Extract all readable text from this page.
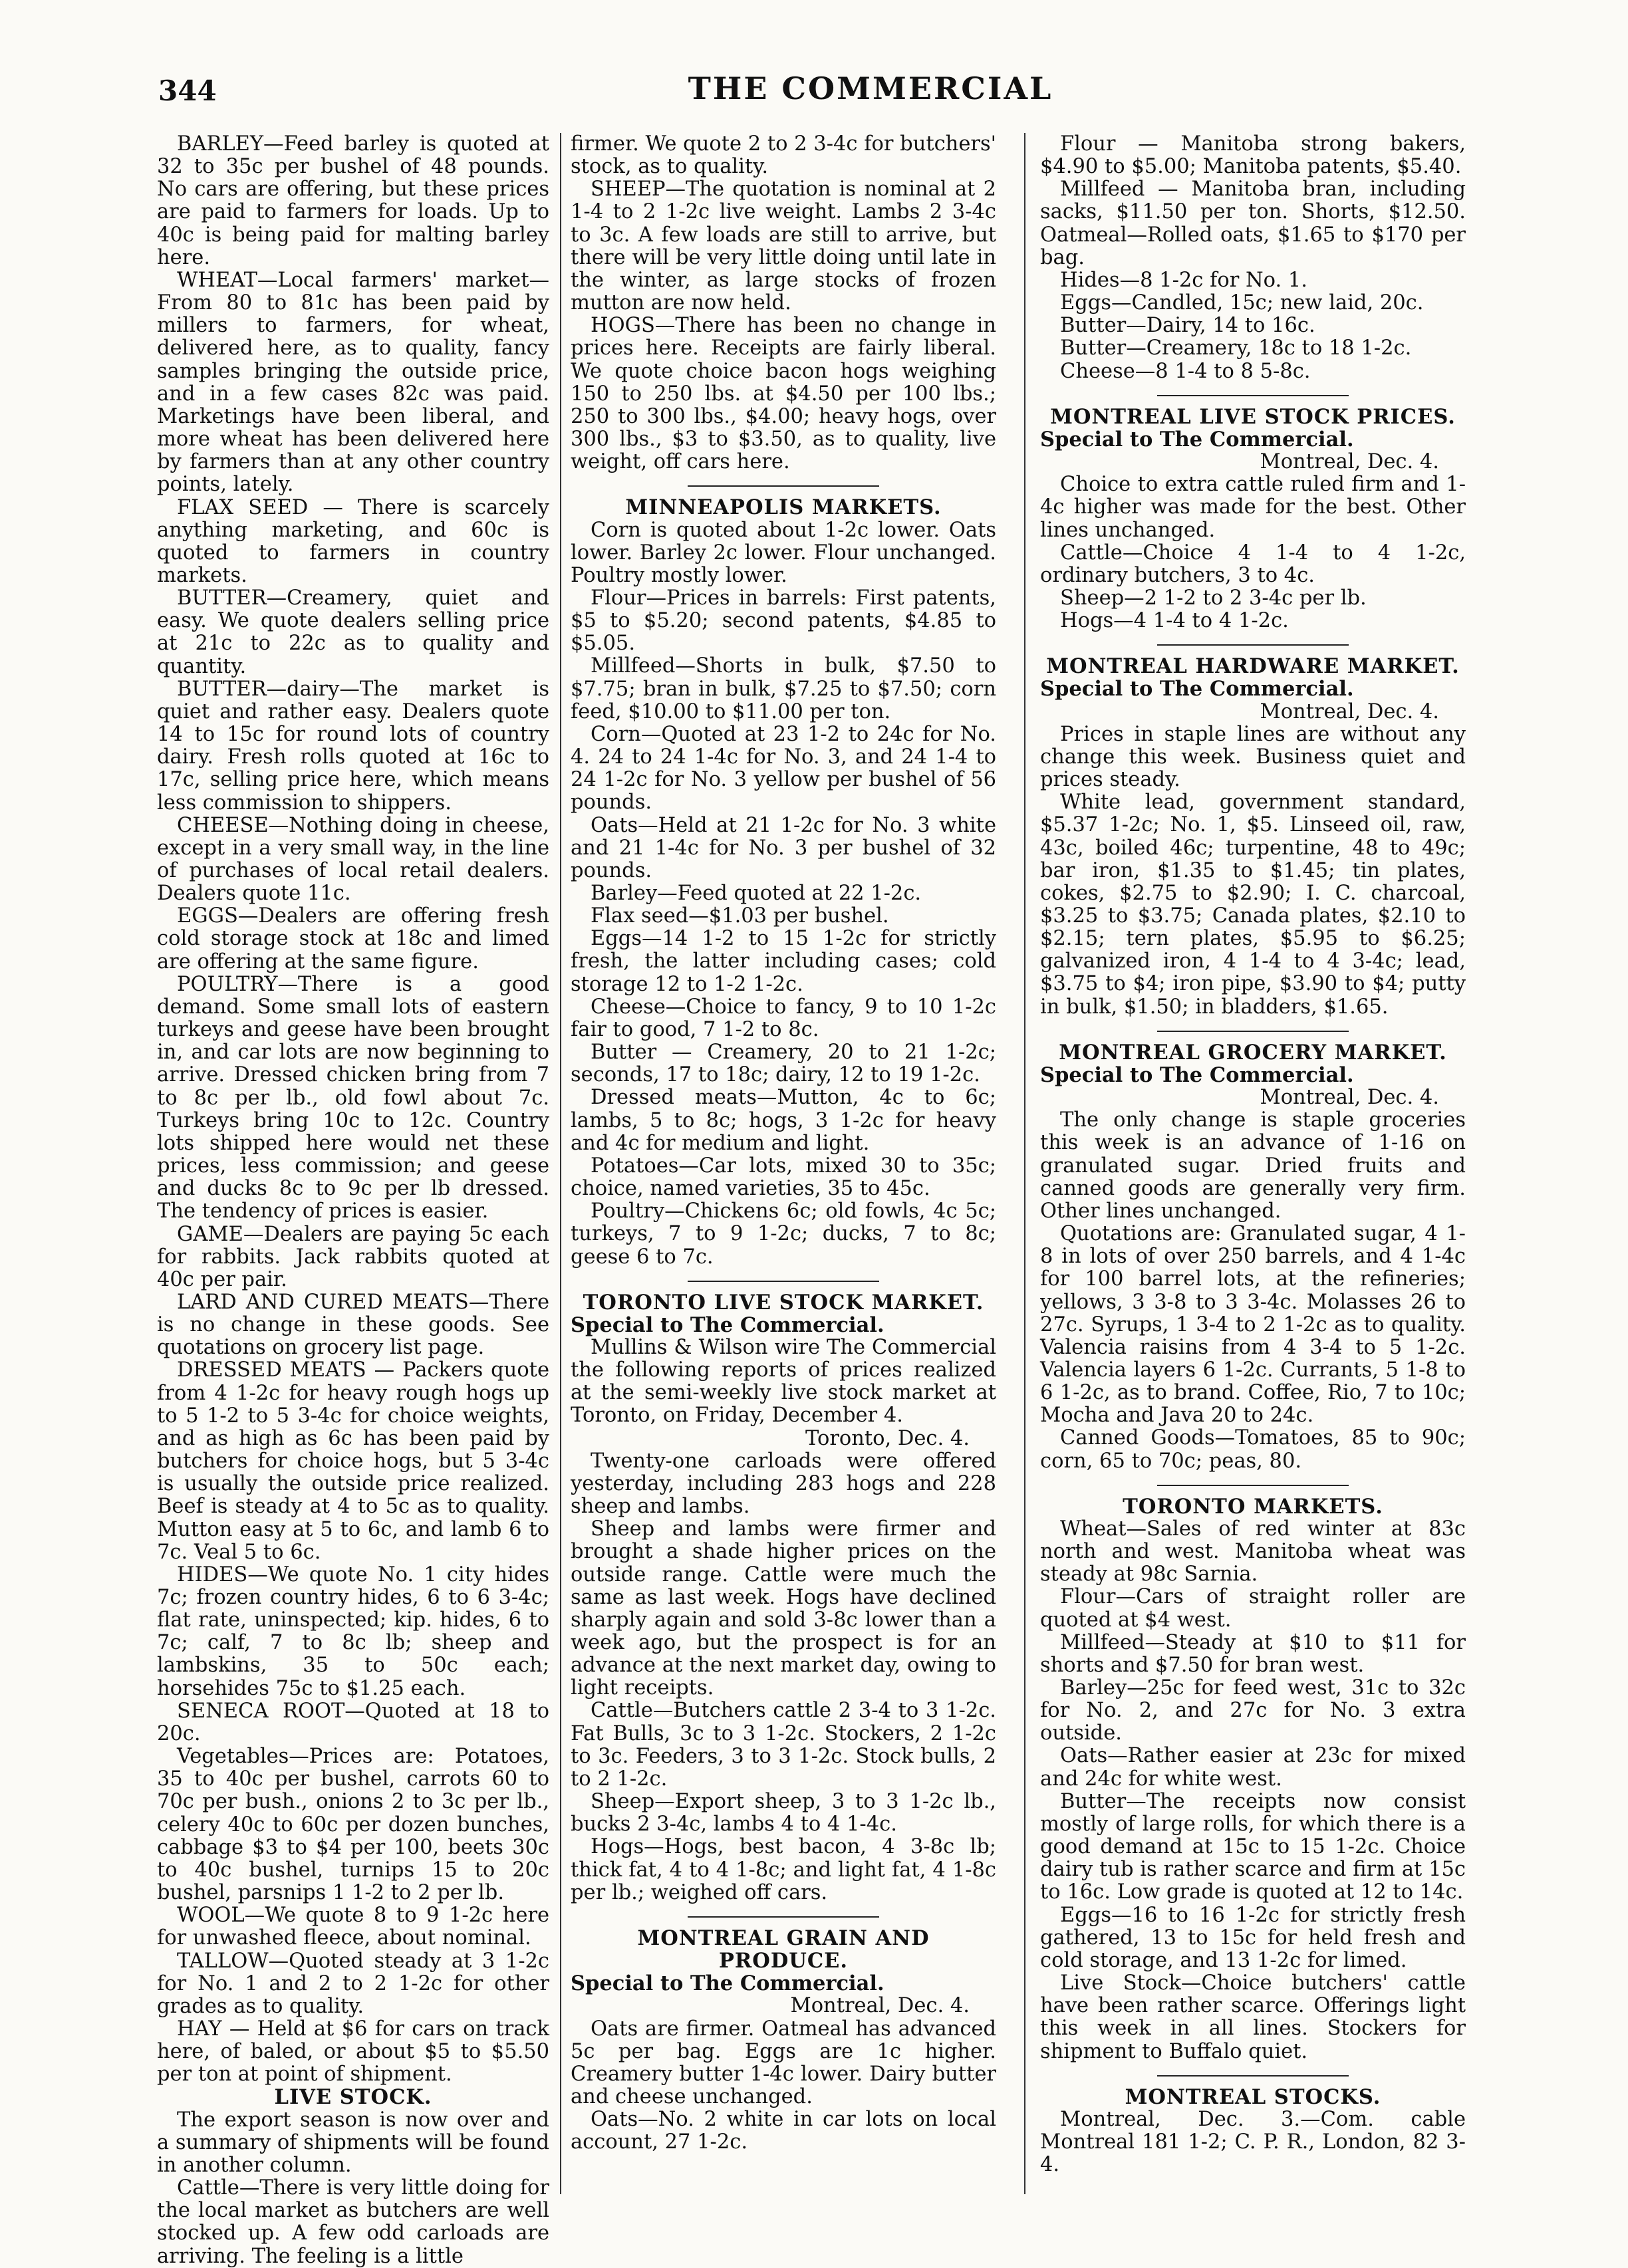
344	THE COMMERCIAL

BARLEY—Feed barley is quoted at 32 to 35c per bushel of 48 pounds. No cars are offering, but these prices are paid to farmers for loads. Up to 40c is being paid for malting barley here.

WHEAT—Local farmers' market—From 80 to 81c has been paid by millers to farmers, for wheat, delivered here, as to quality, fancy samples bringing the outside price, and in a few cases 82c was paid. Marketings have been liberal, and more wheat has been delivered here by farmers than at any other country points, lately.

FLAX SEED — There is scarcely anything marketing, and 60c is quoted to farmers in country markets.

BUTTER—Creamery, quiet and easy. We quote dealers selling price at 21c to 22c as to quality and quantity.

BUTTER—dairy—The market is quiet and rather easy. Dealers quote 14 to 15c for round lots of country dairy. Fresh rolls quoted at 16c to 17c, selling price here, which means less commission to shippers.

CHEESE—Nothing doing in cheese, except in a very small way, in the line of purchases of local retail dealers. Dealers quote 11c.

EGGS—Dealers are offering fresh cold storage stock at 18c and limed are offering at the same figure.

POULTRY—There is a good demand. Some small lots of eastern turkeys and geese have been brought in, and car lots are now beginning to arrive. Dressed chicken bring from 7 to 8c per lb., old fowl about 7c. Turkeys bring 10c to 12c. Country lots shipped here would net these prices, less commission; and geese and ducks 8c to 9c per lb dressed. The tendency of prices is easier.

GAME—Dealers are paying 5c each for rabbits. Jack rabbits quoted at 40c per pair.

LARD AND CURED MEATS—There is no change in these goods. See quotations on grocery list page.

DRESSED MEATS — Packers quote from 4 1-2c for heavy rough hogs up to 5 1-2 to 5 3-4c for choice weights, and as high as 6c has been paid by butchers for choice hogs, but 5 3-4c is usually the outside price realized. Beef is steady at 4 to 5c as to quality. Mutton easy at 5 to 6c, and lamb 6 to 7c. Veal 5 to 6c.

HIDES—We quote No. 1 city hides 7c; frozen country hides, 6 to 6 3-4c; flat rate, uninspected; kip. hides, 6 to 7c; calf, 7 to 8c lb; sheep and lambskins, 35 to 50c each; horsehides 75c to $1.25 each.

SENECA ROOT—Quoted at 18 to 20c.

Vegetables—Prices are: Potatoes, 35 to 40c per bushel, carrots 60 to 70c per bush., onions 2 to 3c per lb., celery 40c to 60c per dozen bunches, cabbage $3 to $4 per 100, beets 30c to 40c bushel, turnips 15 to 20c bushel, parsnips 1 1-2 to 2 per lb.

WOOL—We quote 8 to 9 1-2c here for unwashed fleece, about nominal.

TALLOW—Quoted steady at 3 1-2c for No. 1 and 2 to 2 1-2c for other grades as to quality.

HAY — Held at $6 for cars on track here, of baled, or about $5 to $5.50 per ton at point of shipment.

LIVE STOCK.

The export season is now over and a summary of shipments will be found in another column.

Cattle—There is very little doing for the local market as butchers are well stocked up. A few odd carloads are arriving. The feeling is a little

firmer. We quote 2 to 2 3-4c for butchers' stock, as to quality.

SHEEP—The quotation is nominal at 2 1-4 to 2 1-2c live weight. Lambs 2 3-4c to 3c. A few loads are still to arrive, but there will be very little doing until late in the winter, as large stocks of frozen mutton are now held.

HOGS—There has been no change in prices here. Receipts are fairly liberal. We quote choice bacon hogs weighing 150 to 250 lbs. at $4.50 per 100 lbs.; 250 to 300 lbs., $4.00; heavy hogs, over 300 lbs., $3 to $3.50, as to quality, live weight, off cars here.

MINNEAPOLIS MARKETS.

Corn is quoted about 1-2c lower. Oats lower. Barley 2c lower. Flour unchanged. Poultry mostly lower.

Flour—Prices in barrels: First patents, $5 to $5.20; second patents, $4.85 to $5.05.

Millfeed—Shorts in bulk, $7.50 to $7.75; bran in bulk, $7.25 to $7.50; corn feed, $10.00 to $11.00 per ton.

Corn—Quoted at 23 1-2 to 24c for No. 4. 24 to 24 1-4c for No. 3, and 24 1-4 to 24 1-2c for No. 3 yellow per bushel of 56 pounds.

Oats—Held at 21 1-2c for No. 3 white and 21 1-4c for No. 3 per bushel of 32 pounds.

Barley—Feed quoted at 22 1-2c.

Flax seed—$1.03 per bushel.

Eggs—14 1-2 to 15 1-2c for strictly fresh, the latter including cases; cold storage 12 to 1-2 1-2c.

Cheese—Choice to fancy, 9 to 10 1-2c fair to good, 7 1-2 to 8c.

Butter — Creamery, 20 to 21 1-2c; seconds, 17 to 18c; dairy, 12 to 19 1-2c.

Dressed meats—Mutton, 4c to 6c; lambs, 5 to 8c; hogs, 3 1-2c for heavy and 4c for medium and light.

Potatoes—Car lots, mixed 30 to 35c; choice, named varieties, 35 to 45c.

Poultry—Chickens 6c; old fowls, 4c 5c; turkeys, 7 to 9 1-2c; ducks, 7 to 8c; geese 6 to 7c.

TORONTO LIVE STOCK MARKET.

Special to The Commercial.

Mullins & Wilson wire The Commercial the following reports of prices realized at the semi-weekly live stock market at Toronto, on Friday, December 4.

Toronto, Dec. 4.

Twenty-one carloads were offered yesterday, including 283 hogs and 228 sheep and lambs.

Sheep and lambs were firmer and brought a shade higher prices on the outside range. Cattle were much the same as last week. Hogs have declined sharply again and sold 3-8c lower than a week ago, but the prospect is for an advance at the next market day, owing to light receipts.

Cattle—Butchers cattle 2 3-4 to 3 1-2c. Fat Bulls, 3c to 3 1-2c. Stockers, 2 1-2c to 3c. Feeders, 3 to 3 1-2c. Stock bulls, 2 to 2 1-2c.

Sheep—Export sheep, 3 to 3 1-2c lb., bucks 2 3-4c, lambs 4 to 4 1-4c.

Hogs—Hogs, best bacon, 4 3-8c lb; thick fat, 4 to 4 1-8c; and light fat, 4 1-8c per lb.; weighed off cars.

MONTREAL GRAIN AND PRODUCE.

Special to The Commercial.

Montreal, Dec. 4.

Oats are firmer. Oatmeal has advanced 5c per bag. Eggs are 1c higher. Creamery butter 1-4c lower. Dairy butter and cheese unchanged.

Oats—No. 2 white in car lots on local account, 27 1-2c.

Flour — Manitoba strong bakers, $4.90 to $5.00; Manitoba patents, $5.40.

Millfeed — Manitoba bran, including sacks, $11.50 per ton. Shorts, $12.50. Oatmeal—Rolled oats, $1.65 to $170 per bag.

Hides—8 1-2c for No. 1.

Eggs—Candled, 15c; new laid, 20c.

Butter—Dairy, 14 to 16c.

Butter—Creamery, 18c to 18 1-2c.

Cheese—8 1-4 to 8 5-8c.

MONTREAL LIVE STOCK PRICES.

Special to The Commercial.

Montreal, Dec. 4.

Choice to extra cattle ruled firm and 1-4c higher was made for the best. Other lines unchanged.

Cattle—Choice 4 1-4 to 4 1-2c, ordinary butchers, 3 to 4c.

Sheep—2 1-2 to 2 3-4c per lb.

Hogs—4 1-4 to 4 1-2c.

MONTREAL HARDWARE MARKET.

Special to The Commercial.

Montreal, Dec. 4.

Prices in staple lines are without any change this week. Business quiet and prices steady.

White lead, government standard, $5.37 1-2c; No. 1, $5. Linseed oil, raw, 43c, boiled 46c; turpentine, 48 to 49c; bar iron, $1.35 to $1.45; tin plates, cokes, $2.75 to $2.90; I. C. charcoal, $3.25 to $3.75; Canada plates, $2.10 to $2.15; tern plates, $5.95 to $6.25; galvanized iron, 4 1-4 to 4 3-4c; lead, $3.75 to $4; iron pipe, $3.90 to $4; putty in bulk, $1.50; in bladders, $1.65.

MONTREAL GROCERY MARKET.

Special to The Commercial.

Montreal, Dec. 4.

The only change is staple groceries this week is an advance of 1-16 on granulated sugar. Dried fruits and canned goods are generally very firm. Other lines unchanged.

Quotations are: Granulated sugar, 4 1-8 in lots of over 250 barrels, and 4 1-4c for 100 barrel lots, at the refineries; yellows, 3 3-8 to 3 3-4c. Molasses 26 to 27c. Syrups, 1 3-4 to 2 1-2c as to quality. Valencia raisins from 4 3-4 to 5 1-2c. Valencia layers 6 1-2c. Currants, 5 1-8 to 6 1-2c, as to brand. Coffee, Rio, 7 to 10c; Mocha and Java 20 to 24c.

Canned Goods—Tomatoes, 85 to 90c; corn, 65 to 70c; peas, 80.

TORONTO MARKETS.

Wheat—Sales of red winter at 83c north and west. Manitoba wheat was steady at 98c Sarnia.

Flour—Cars of straight roller are quoted at $4 west.

Millfeed—Steady at $10 to $11 for shorts and $7.50 for bran west.

Barley—25c for feed west, 31c to 32c for No. 2, and 27c for No. 3 extra outside.

Oats—Rather easier at 23c for mixed and 24c for white west.

Butter—The receipts now consist mostly of large rolls, for which there is a good demand at 15c to 15 1-2c. Choice dairy tub is rather scarce and firm at 15c to 16c. Low grade is quoted at 12 to 14c.

Eggs—16 to 16 1-2c for strictly fresh gathered, 13 to 15c for held fresh and cold storage, and 13 1-2c for limed.

Live Stock—Choice butchers' cattle have been rather scarce. Offerings light this week in all lines. Stockers for shipment to Buffalo quiet.

MONTREAL STOCKS.

Montreal, Dec. 3.—Com. cable Montreal 181 1-2; C. P. R., London, 82 3-4.
